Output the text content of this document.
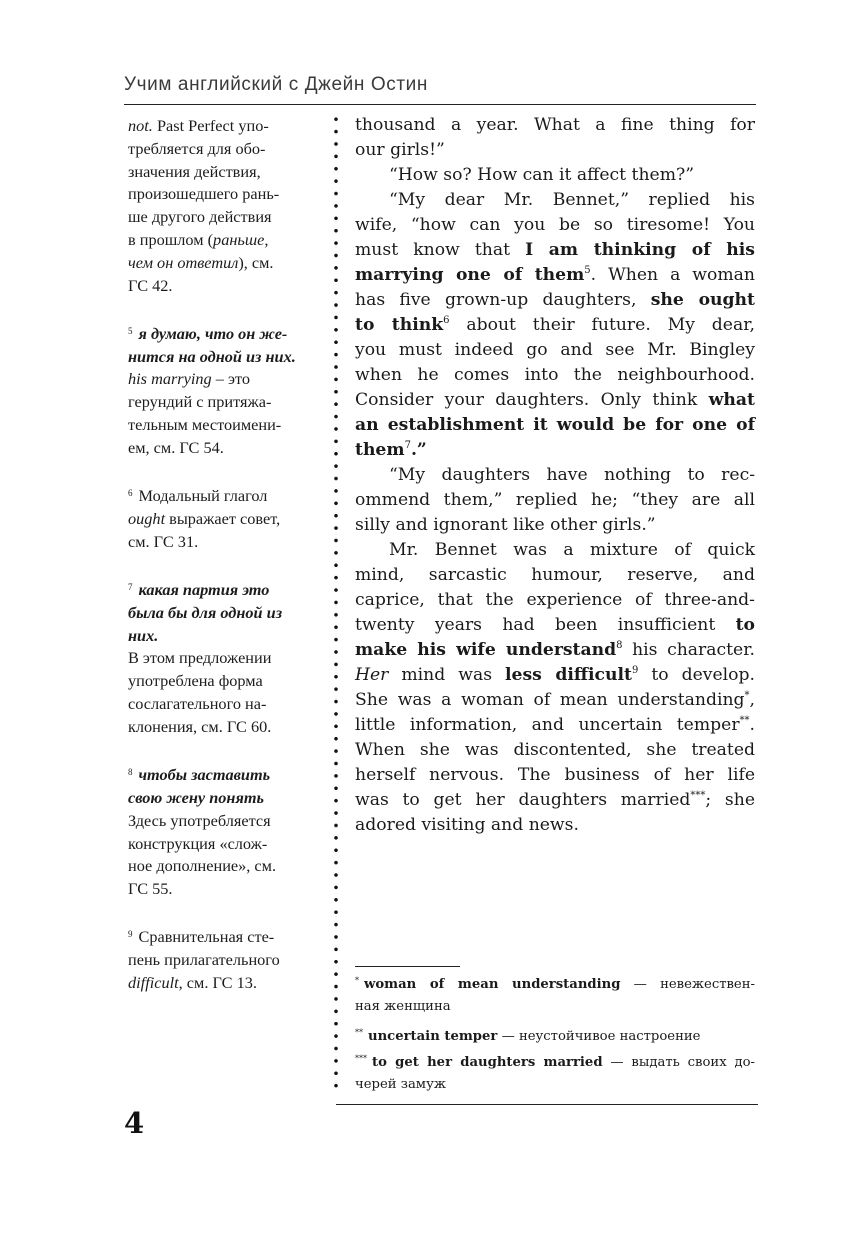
Учим английский с Джейн Остин
not. Past Perfect упо-
требляется для обо-
значения действия,
произошедшего рань-
ше другого действия
в прошлом (раньше,
чем он ответил), см.
ГС 42.
$^5$ я думаю, что он же-
нится на одной из них.
his marrying – это
герундий с притяжа-
тельным местоимени-
ем, см. ГС 54.
$^6$ Модальный глагол
ought выражает совет,
см. ГС 31.
$^7$ какая партия это
была бы для одной из
них.
В этом предложении
употреблена форма
сослагательного на-
клонения, см. ГС 60.
$^8$ чтобы заставить
свою жену понять
Здесь употребляется
конструкция «слож-
ное дополнение», см.
ГС 55.
$^9$ Сравнительная сте-
пень прилагательного
difficult, см. ГС 13.
thousand a year. What a fine thing for
our girls!”
“How so? How can it affect them?”
“My dear Mr. Bennet,” replied his
wife, “how can you be so tiresome! You
must know that I am thinking of his
marrying one of them$^5$. When a woman
has five grown-up daughters, she ought
to think$^6$ about their future. My dear,
you must indeed go and see Mr. Bingley
when he comes into the neighbourhood.
Consider your daughters. Only think what
an establishment it would be for one of
them$^7$.”
“My daughters have nothing to rec-
ommend them,” replied he; “they are all
silly and ignorant like other girls.”
Mr. Bennet was a mixture of quick
mind, sarcastic humour, reserve, and
caprice, that the experience of three-and-
twenty years had been insufficient to
make his wife understand$^8$ his character.
Her mind was less difficult$^9$ to develop.
She was a woman of mean understanding*,
little information, and uncertain temper**.
When she was discontented, she treated
herself nervous. The business of her life
was to get her daughters married***; she
adored visiting and news.
* woman of mean understanding — невежествен-
ная женщина
** uncertain temper — неустойчивое настроение
*** to get her daughters married — выдать своих до-
черей замуж
4
